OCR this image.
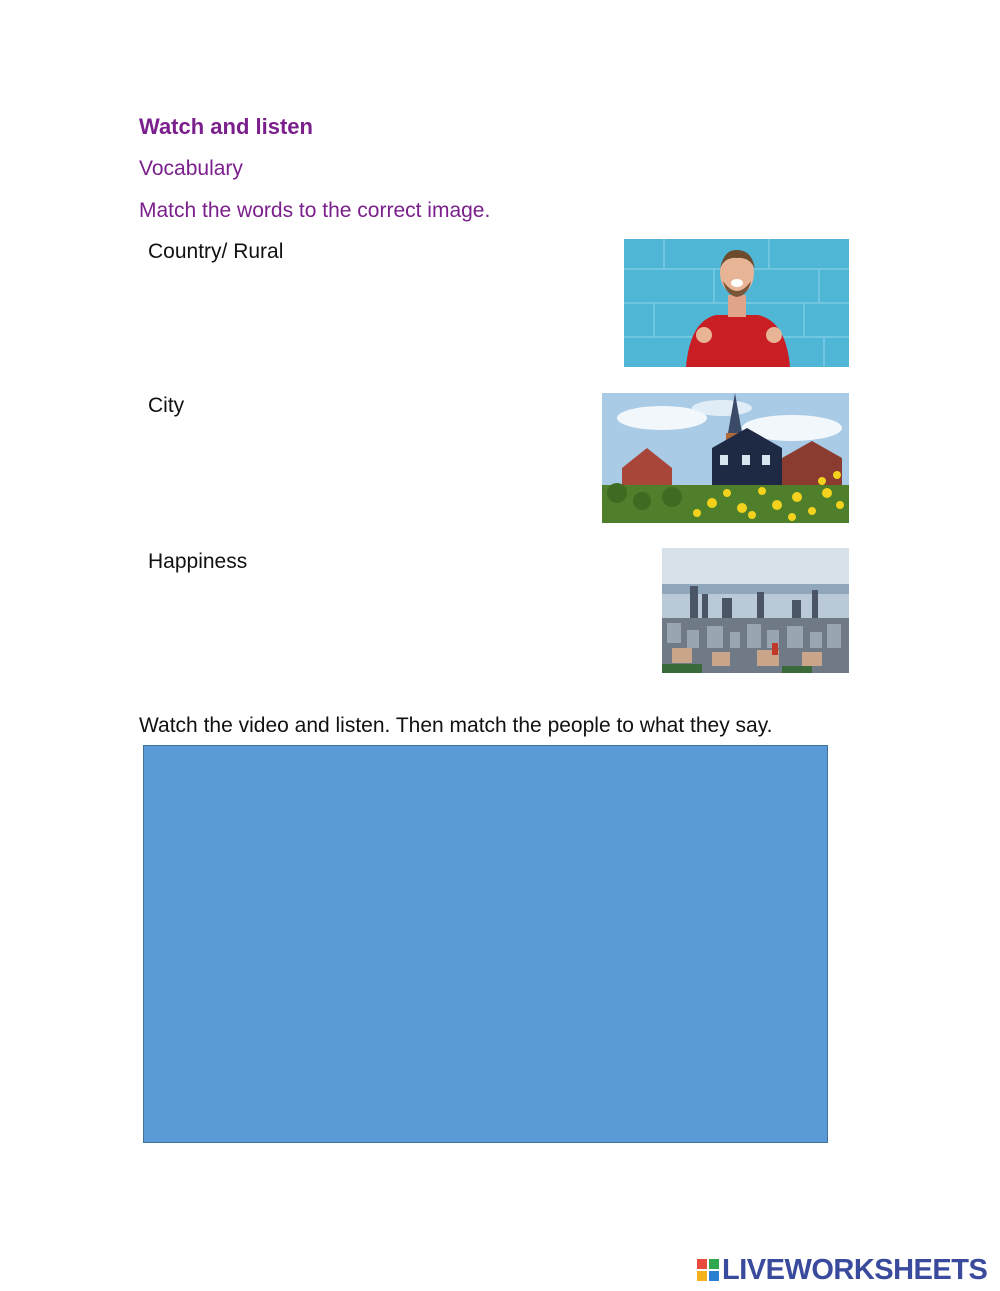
Watch and listen

Vocabulary

Match the words to the correct image.

Country/ Rural

City

Happiness

Watch the video and listen. Then match the people to what they say.

LIVEWORKSHEETS
